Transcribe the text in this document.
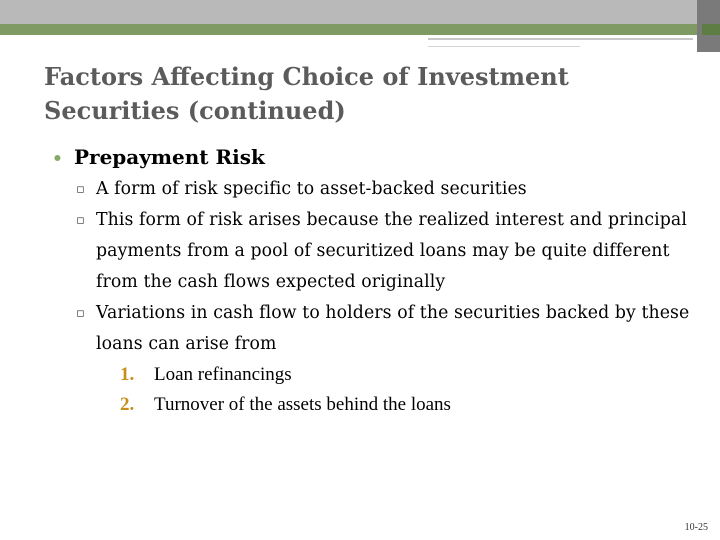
Factors Affecting Choice of Investment Securities (continued)
• Prepayment Risk
▫ A form of risk specific to asset-backed securities
▫ This form of risk arises because the realized interest and principal payments from a pool of securitized loans may be quite different from the cash flows expected originally
▫ Variations in cash flow to holders of the securities backed by these loans can arise from
1.	Loan refinancings
2.	Turnover of the assets behind the loans
10-25
